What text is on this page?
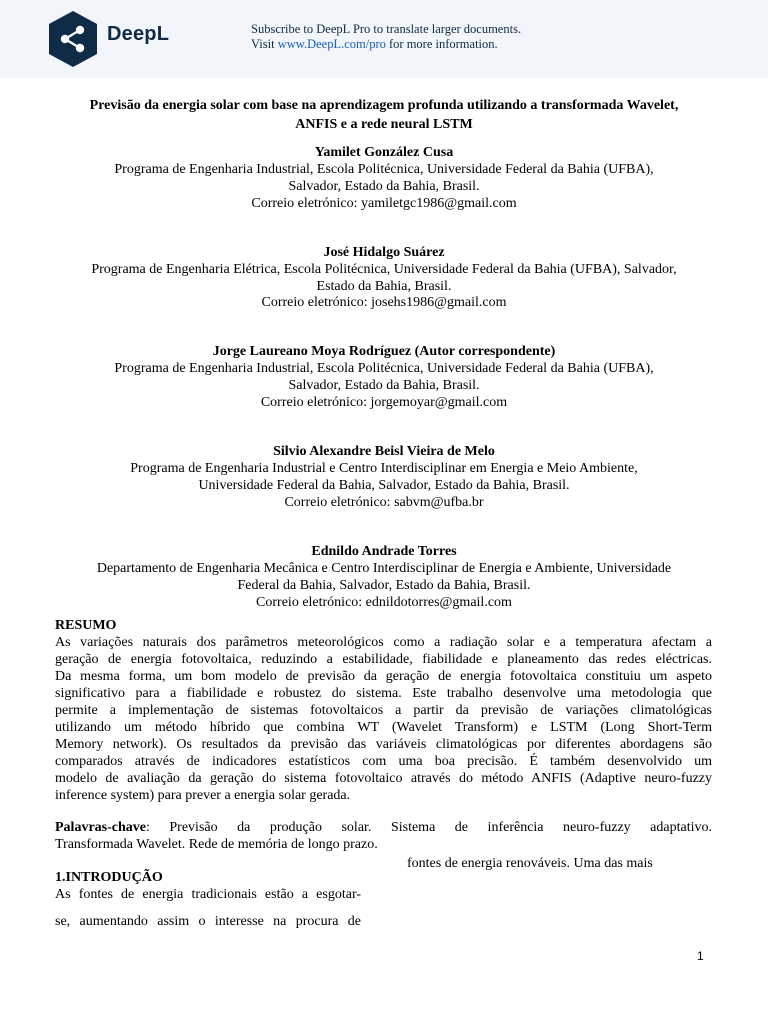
DeepL	Subscribe to DeepL Pro to translate larger documents.
Visit www.DeepL.com/pro for more information.

Previsão da energia solar com base na aprendizagem profunda utilizando a transformada Wavelet,

ANFIS e a rede neural LSTM

Yamilet González Cusa

Programa de Engenharia Industrial, Escola Politécnica, Universidade Federal da Bahia (UFBA),

Salvador, Estado da Bahia, Brasil.

Correio eletrónico: yamiletgc1986@gmail.com

José Hidalgo Suárez

Programa de Engenharia Elétrica, Escola Politécnica, Universidade Federal da Bahia (UFBA), Salvador,

Estado da Bahia, Brasil.

Correio eletrónico: josehs1986@gmail.com

Jorge Laureano Moya Rodríguez (Autor correspondente)

Programa de Engenharia Industrial, Escola Politécnica, Universidade Federal da Bahia (UFBA),

Salvador, Estado da Bahia, Brasil.

Correio eletrónico: jorgemoyar@gmail.com

Silvio Alexandre Beisl Vieira de Melo

Programa de Engenharia Industrial e Centro Interdisciplinar em Energia e Meio Ambiente,

Universidade Federal da Bahia, Salvador, Estado da Bahia, Brasil.

Correio eletrónico: sabvm@ufba.br

Ednildo Andrade Torres

Departamento de Engenharia Mecânica e Centro Interdisciplinar de Energia e Ambiente, Universidade

Federal da Bahia, Salvador, Estado da Bahia, Brasil.

Correio eletrónico: ednildotorres@gmail.com

RESUMO

As variações naturais dos parâmetros meteorológicos como a radiação solar e a temperatura afectam a
geração de energia fotovoltaica, reduzindo a estabilidade, fiabilidade e planeamento das redes eléctricas.
Da mesma forma, um bom modelo de previsão da geração de energia fotovoltaica constituiu um aspeto
significativo para a fiabilidade e robustez do sistema. Este trabalho desenvolve uma metodologia que
permite a implementação de sistemas fotovoltaicos a partir da previsão de variações climatológicas
utilizando um método híbrido que combina WT (Wavelet Transform) e LSTM (Long Short-Term
Memory network). Os resultados da previsão das variáveis climatológicas por diferentes abordagens são
comparados através de indicadores estatísticos com uma boa precisão. É também desenvolvido um
modelo de avaliação da geração do sistema fotovoltaico através do método ANFIS (Adaptive neuro-fuzzy
inference system) para prever a energia solar gerada.
Palavras-chave: Previsão da produção solar. Sistema de inferência neuro-fuzzy adaptativo.
Transformada Wavelet. Rede de memória de longo prazo.

fontes de energia renováveis. Uma das mais

1.INTRODUÇÃO

As fontes de energia tradicionais estão a esgotar-
se, aumentando assim o interesse na procura de
1
